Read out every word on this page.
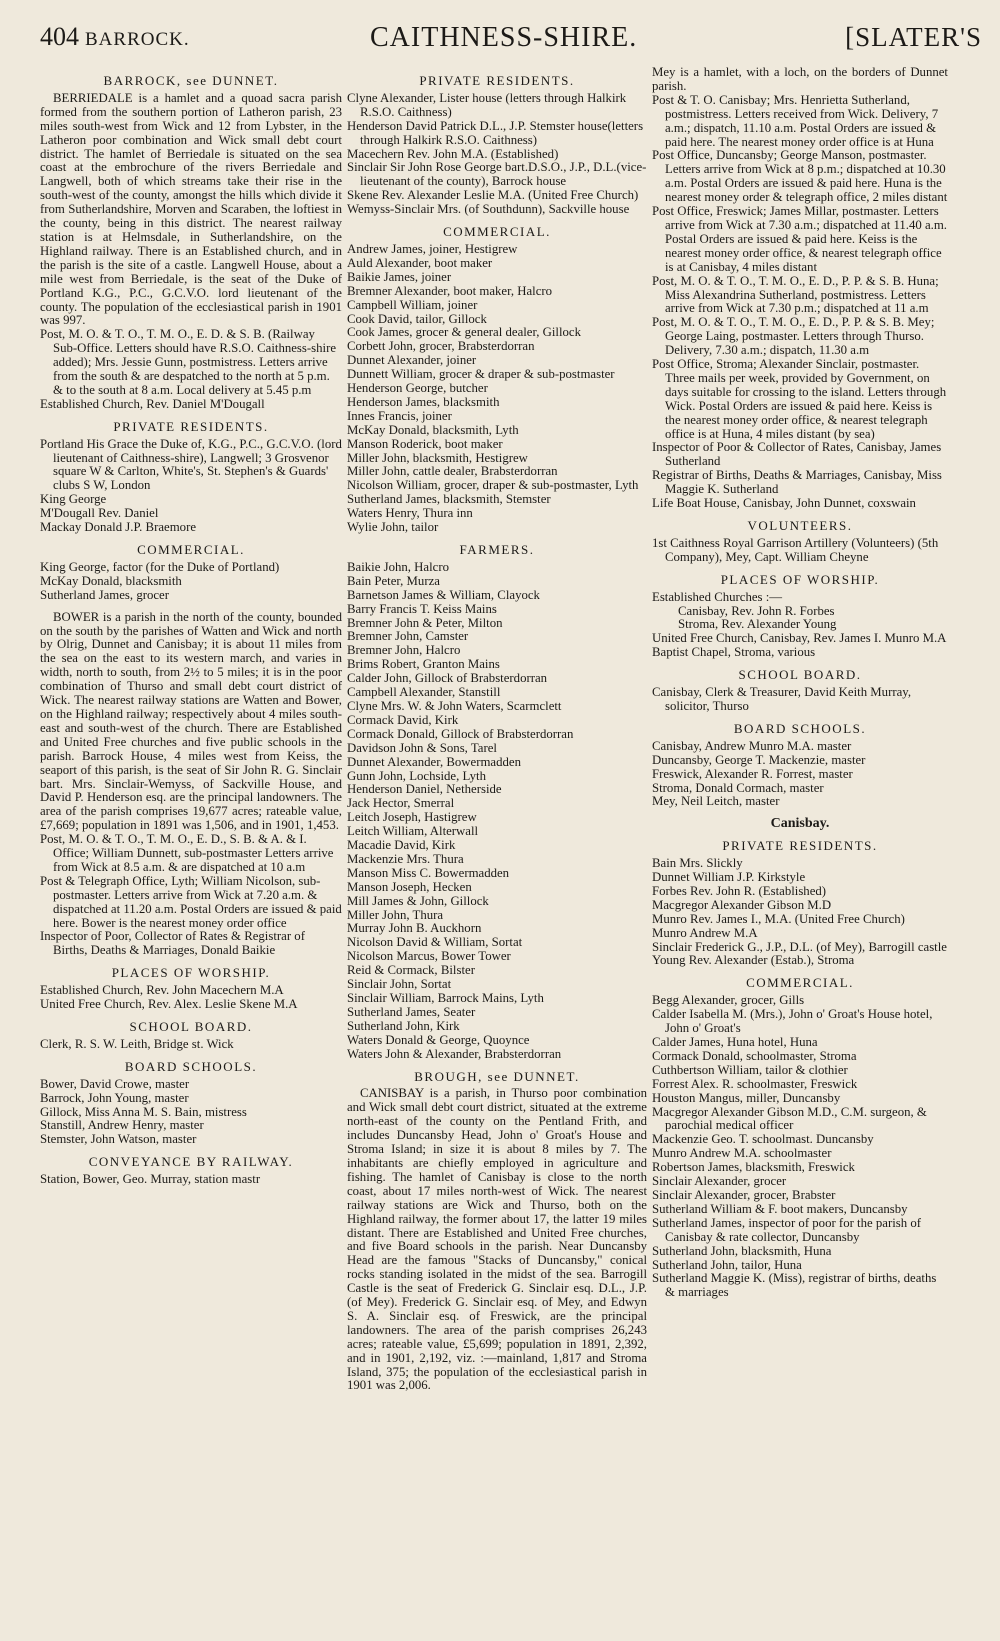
404 BARROCK.	CAITHNESS-SHIRE.	[SLATER'S
BARROCK, see DUNNET.

BERRIEDALE is a hamlet and a quoad sacra parish formed from the southern portion of Latheron parish, 23 miles south-west from Wick and 12 from Lybster, in the Latheron poor combination and Wick small debt court district. The hamlet of Berriedale is situated on the sea coast at the embrochure of the rivers Berriedale and Langwell, both of which streams take their rise in the south-west of the county, amongst the hills which divide it from Sutherlandshire, Morven and Scaraben, the loftiest in the county, being in this district. The nearest railway station is at Helmsdale, in Sutherlandshire, on the Highland railway. There is an Established church, and in the parish is the site of a castle. Langwell House, about a mile west from Berriedale, is the seat of the Duke of Portland K.G., P.C., G.C.V.O. lord lieutenant of the county. The population of the ecclesiastical parish in 1901 was 997.

Post, M. O. & T. O., T. M. O., E. D. & S. B. (Railway Sub-Office. Letters should have R.S.O. Caithness-shire added); Mrs. Jessie Gunn, postmistress. Letters arrive from the south & are despatched to the north at 5 p.m. & to the south at 8 a.m. Local delivery at 5.45 p.m

Established Church, Rev. Daniel M'Dougall

PRIVATE RESIDENTS.

Portland His Grace the Duke of, K.G., P.C., G.C.V.O. (lord lieutenant of Caithness-shire), Langwell; 3 Grosvenor square W & Carlton, White's, St. Stephen's & Guards' clubs S W, London

King George

M'Dougall Rev. Daniel

Mackay Donald J.P. Braemore

COMMERCIAL.

King George, factor (for the Duke of Portland)

McKay Donald, blacksmith

Sutherland James, grocer

BOWER is a parish in the north of the county, bounded on the south by the parishes of Watten and Wick and north by Olrig, Dunnet and Canisbay; it is about 11 miles from the sea on the east to its western march, and varies in width, north to south, from 2½ to 5 miles; it is in the poor combination of Thurso and small debt court district of Wick. The nearest railway stations are Watten and Bower, on the Highland railway; respectively about 4 miles south-east and south-west of the church. There are Established and United Free churches and five public schools in the parish. Barrock House, 4 miles west from Keiss, the seaport of this parish, is the seat of Sir John R. G. Sinclair bart. Mrs. Sinclair-Wemyss, of Sackville House, and David P. Henderson esq. are the principal landowners. The area of the parish comprises 19,677 acres; rateable value, £7,669; population in 1891 was 1,506, and in 1901, 1,453.

Post, M. O. & T. O., T. M. O., E. D., S. B. & A. & I. Office; William Dunnett, sub-postmaster Letters arrive from Wick at 8.5 a.m. & are dispatched at 10 a.m

Post & Telegraph Office, Lyth; William Nicolson, sub-postmaster. Letters arrive from Wick at 7.20 a.m. & dispatched at 11.20 a.m. Postal Orders are issued & paid here. Bower is the nearest money order office

Inspector of Poor, Collector of Rates & Registrar of Births, Deaths & Marriages, Donald Baikie

PLACES OF WORSHIP.

Established Church, Rev. John Macechern M.A

United Free Church, Rev. Alex. Leslie Skene M.A

SCHOOL BOARD.

Clerk, R. S. W. Leith, Bridge st. Wick

BOARD SCHOOLS.

Bower, David Crowe, master

Barrock, John Young, master

Gillock, Miss Anna M. S. Bain, mistress

Stanstill, Andrew Henry, master

Stemster, John Watson, master

CONVEYANCE BY RAILWAY.

Station, Bower, Geo. Murray, station mastr

PRIVATE RESIDENTS.

Clyne Alexander, Lister house (letters through Halkirk R.S.O. Caithness)

Henderson David Patrick D.L., J.P. Stemster house(letters through Halkirk R.S.O. Caithness)

Macechern Rev. John M.A. (Established)

Sinclair Sir John Rose George bart.D.S.O., J.P., D.L.(vice-lieutenant of the county), Barrock house

Skene Rev. Alexander Leslie M.A. (United Free Church)

Wemyss-Sinclair Mrs. (of Southdunn), Sackville house

COMMERCIAL.

Andrew James, joiner, Hestigrew

Auld Alexander, boot maker

Baikie James, joiner

Bremner Alexander, boot maker, Halcro

Campbell William, joiner

Cook David, tailor, Gillock

Cook James, grocer & general dealer, Gillock

Corbett John, grocer, Brabsterdorran

Dunnet Alexander, joiner

Dunnett William, grocer & draper & sub-postmaster

Henderson George, butcher

Henderson James, blacksmith

Innes Francis, joiner

McKay Donald, blacksmith, Lyth

Manson Roderick, boot maker

Miller John, blacksmith, Hestigrew

Miller John, cattle dealer, Brabsterdorran

Nicolson William, grocer, draper & sub-postmaster, Lyth

Sutherland James, blacksmith, Stemster

Waters Henry, Thura inn

Wylie John, tailor

FARMERS.

Baikie John, Halcro

Bain Peter, Murza

Barnetson James & William, Clayock

Barry Francis T. Keiss Mains

Bremner John & Peter, Milton

Bremner John, Camster

Bremner John, Halcro

Brims Robert, Granton Mains

Calder John, Gillock of Brabsterdorran

Campbell Alexander, Stanstill

Clyne Mrs. W. & John Waters, Scarmclett

Cormack David, Kirk

Cormack Donald, Gillock of Brabsterdorran

Davidson John & Sons, Tarel

Dunnet Alexander, Bowermadden

Gunn John, Lochside, Lyth

Henderson Daniel, Netherside

Jack Hector, Smerral

Leitch Joseph, Hastigrew

Leitch William, Alterwall

Macadie David, Kirk

Mackenzie Mrs. Thura

Manson Miss C. Bowermadden

Manson Joseph, Hecken

Mill James & John, Gillock

Miller John, Thura

Murray John B. Auckhorn

Nicolson David & William, Sortat

Nicolson Marcus, Bower Tower

Reid & Cormack, Bilster

Sinclair John, Sortat

Sinclair William, Barrock Mains, Lyth

Sutherland James, Seater

Sutherland John, Kirk

Waters Donald & George, Quoynce

Waters John & Alexander, Brabsterdorran

BROUGH, see DUNNET.

CANISBAY is a parish, in Thurso poor combination and Wick small debt court district, situated at the extreme north-east of the county on the Pentland Frith, and includes Duncansby Head, John o' Groat's House and Stroma Island; in size it is about 8 miles by 7. The inhabitants are chiefly employed in agriculture and fishing. The hamlet of Canisbay is close to the north coast, about 17 miles north-west of Wick. The nearest railway stations are Wick and Thurso, both on the Highland railway, the former about 17, the latter 19 miles distant. There are Established and United Free churches, and five Board schools in the parish. Near Duncansby Head are the famous "Stacks of Duncansby," conical rocks standing isolated in the midst of the sea. Barrogill Castle is the seat of Frederick G. Sinclair esq. D.L., J.P. (of Mey). Frederick G. Sinclair esq. of Mey, and Edwyn S. A. Sinclair esq. of Freswick, are the principal landowners. The area of the parish comprises 26,243 acres; rateable value, £5,699; population in 1891, 2,392, and in 1901, 2,192, viz. :—mainland, 1,817 and Stroma Island, 375; the population of the ecclesiastical parish in 1901 was 2,006.

Mey is a hamlet, with a loch, on the borders of Dunnet parish.

Post & T. O. Canisbay; Mrs. Henrietta Sutherland, postmistress. Letters received from Wick. Delivery, 7 a.m.; dispatch, 11.10 a.m. Postal Orders are issued & paid here. The nearest money order office is at Huna

Post Office, Duncansby; George Manson, postmaster. Letters arrive from Wick at 8 p.m.; dispatched at 10.30 a.m. Postal Orders are issued & paid here. Huna is the nearest money order & telegraph office, 2 miles distant

Post Office, Freswick; James Millar, postmaster. Letters arrive from Wick at 7.30 a.m.; dispatched at 11.40 a.m. Postal Orders are issued & paid here. Keiss is the nearest money order office, & nearest telegraph office is at Canisbay, 4 miles distant

Post, M. O. & T. O., T. M. O., E. D., P. P. & S. B. Huna; Miss Alexandrina Sutherland, postmistress. Letters arrive from Wick at 7.30 p.m.; dispatched at 11 a.m

Post, M. O. & T. O., T. M. O., E. D., P. P. & S. B. Mey; George Laing, postmaster. Letters through Thurso. Delivery, 7.30 a.m.; dispatch, 11.30 a.m

Post Office, Stroma; Alexander Sinclair, postmaster. Three mails per week, provided by Government, on days suitable for crossing to the island. Letters through Wick. Postal Orders are issued & paid here. Keiss is the nearest money order office, & nearest telegraph office is at Huna, 4 miles distant (by sea)

Inspector of Poor & Collector of Rates, Canisbay, James Sutherland

Registrar of Births, Deaths & Marriages, Canisbay, Miss Maggie K. Sutherland

Life Boat House, Canisbay, John Dunnet, coxswain

VOLUNTEERS.

1st Caithness Royal Garrison Artillery (Volunteers) (5th Company), Mey, Capt. William Cheyne

PLACES OF WORSHIP.

Established Churches :—

Canisbay, Rev. John R. Forbes

Stroma, Rev. Alexander Young

United Free Church, Canisbay, Rev. James I. Munro M.A

Baptist Chapel, Stroma, various

SCHOOL BOARD.

Canisbay, Clerk & Treasurer, David Keith Murray, solicitor, Thurso

BOARD SCHOOLS.

Canisbay, Andrew Munro M.A. master

Duncansby, George T. Mackenzie, master

Freswick, Alexander R. Forrest, master

Stroma, Donald Cormach, master

Mey, Neil Leitch, master

Canisbay.
PRIVATE RESIDENTS.

Bain Mrs. Slickly

Dunnet William J.P. Kirkstyle

Forbes Rev. John R. (Established)

Macgregor Alexander Gibson M.D

Munro Rev. James I., M.A. (United Free Church)

Munro Andrew M.A

Sinclair Frederick G., J.P., D.L. (of Mey), Barrogill castle

Young Rev. Alexander (Estab.), Stroma

COMMERCIAL.

Begg Alexander, grocer, Gills

Calder Isabella M. (Mrs.), John o' Groat's House hotel, John o' Groat's

Calder James, Huna hotel, Huna

Cormack Donald, schoolmaster, Stroma

Cuthbertson William, tailor & clothier

Forrest Alex. R. schoolmaster, Freswick

Houston Mangus, miller, Duncansby

Macgregor Alexander Gibson M.D., C.M. surgeon, & parochial medical officer

Mackenzie Geo. T. schoolmast. Duncansby

Munro Andrew M.A. schoolmaster

Robertson James, blacksmith, Freswick

Sinclair Alexander, grocer

Sinclair Alexander, grocer, Brabster

Sutherland William & F. boot makers, Duncansby

Sutherland James, inspector of poor for the parish of Canisbay & rate collector, Duncansby

Sutherland John, blacksmith, Huna

Sutherland John, tailor, Huna

Sutherland Maggie K. (Miss), registrar of births, deaths & marriages
